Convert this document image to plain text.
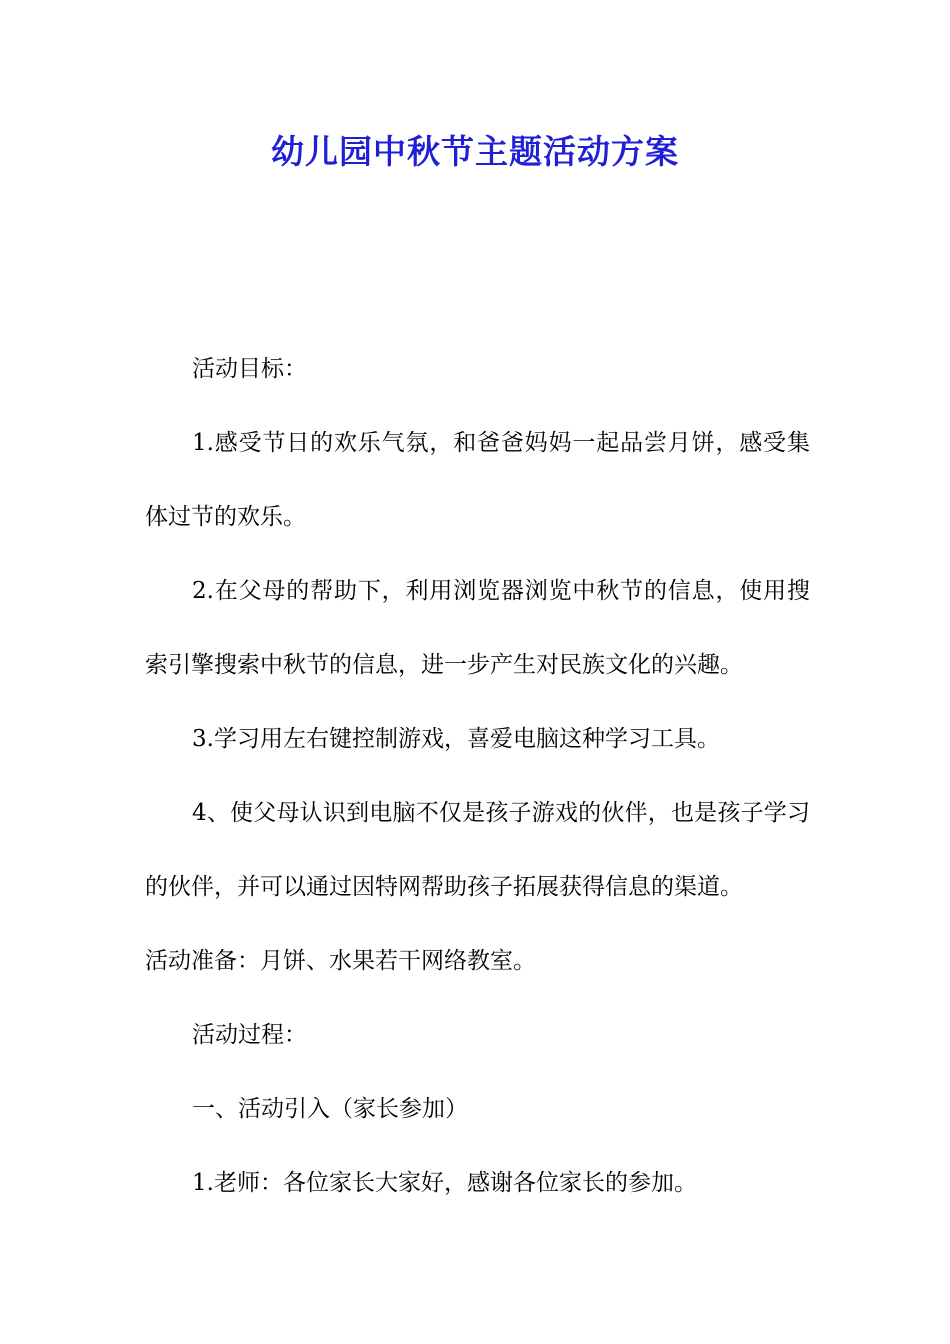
幼儿园中秋节主题活动方案

活动目标：

1.感受节日的欢乐气氛，和爸爸妈妈一起品尝月饼，感受集体过节的欢乐。

2.在父母的帮助下，利用浏览器浏览中秋节的信息，使用搜索引擎搜索中秋节的信息，进一步产生对民族文化的兴趣。

3.学习用左右键控制游戏，喜爱电脑这种学习工具。

4、使父母认识到电脑不仅是孩子游戏的伙伴，也是孩子学习的伙伴，并可以通过因特网帮助孩子拓展获得信息的渠道。

活动准备：月饼、水果若干网络教室。

活动过程：

一、活动引入（家长参加）

1.老师：各位家长大家好，感谢各位家长的参加。
